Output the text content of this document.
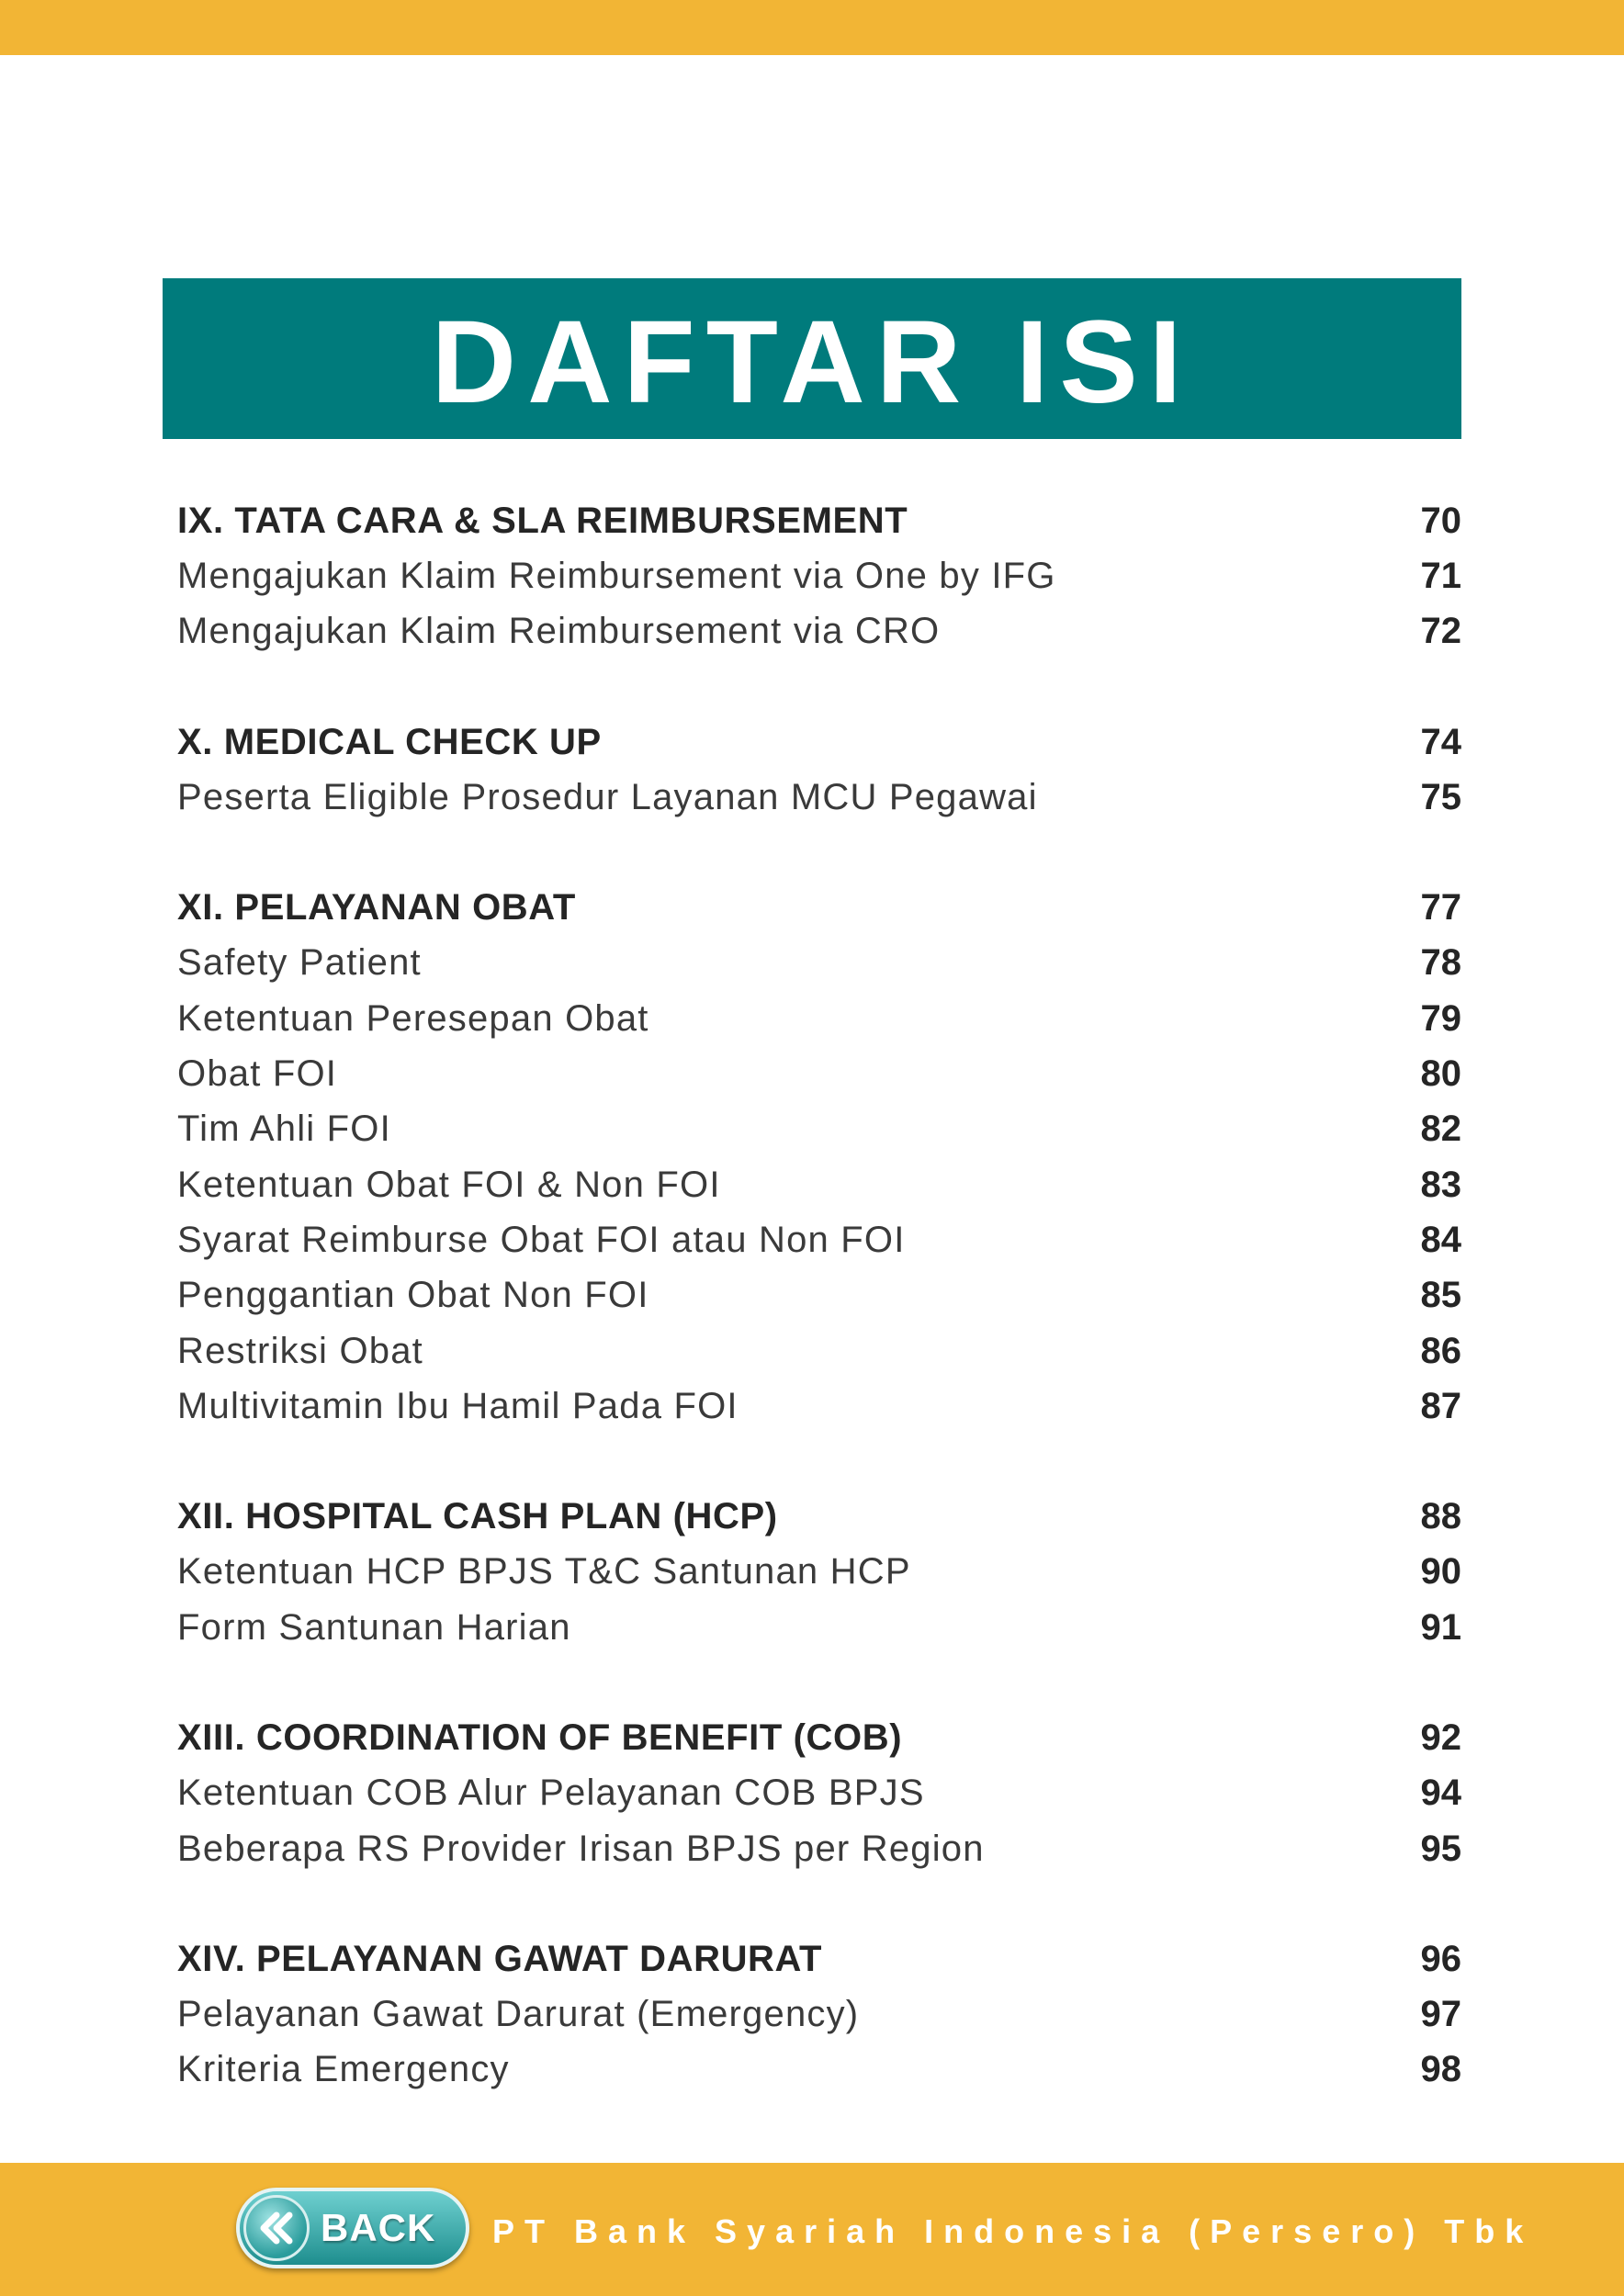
DAFTAR ISI
IX. TATA CARA & SLA REIMBURSEMENT	70
Mengajukan Klaim Reimbursement via One by IFG	71
Mengajukan Klaim Reimbursement via CRO	72
X. MEDICAL CHECK UP	74
Peserta Eligible Prosedur Layanan MCU Pegawai	75
XI. PELAYANAN OBAT	77
Safety Patient	78
Ketentuan Peresepan Obat	79
Obat FOI	80
Tim Ahli FOI	82
Ketentuan Obat FOI & Non FOI	83
Syarat Reimburse Obat FOI atau Non FOI	84
Penggantian Obat Non FOI	85
Restriksi Obat	86
Multivitamin Ibu Hamil Pada FOI	87
XII. HOSPITAL CASH PLAN (HCP)	88
Ketentuan HCP BPJS T&C Santunan HCP	90
Form Santunan Harian	91
XIII. COORDINATION OF BENEFIT (COB)	92
Ketentuan COB Alur Pelayanan COB BPJS	94
Beberapa RS Provider Irisan BPJS per Region	95
XIV. PELAYANAN GAWAT DARURAT	96
Pelayanan Gawat Darurat (Emergency)	97
Kriteria Emergency	98
BACK PT Bank Syariah Indonesia (Persero) Tbk
